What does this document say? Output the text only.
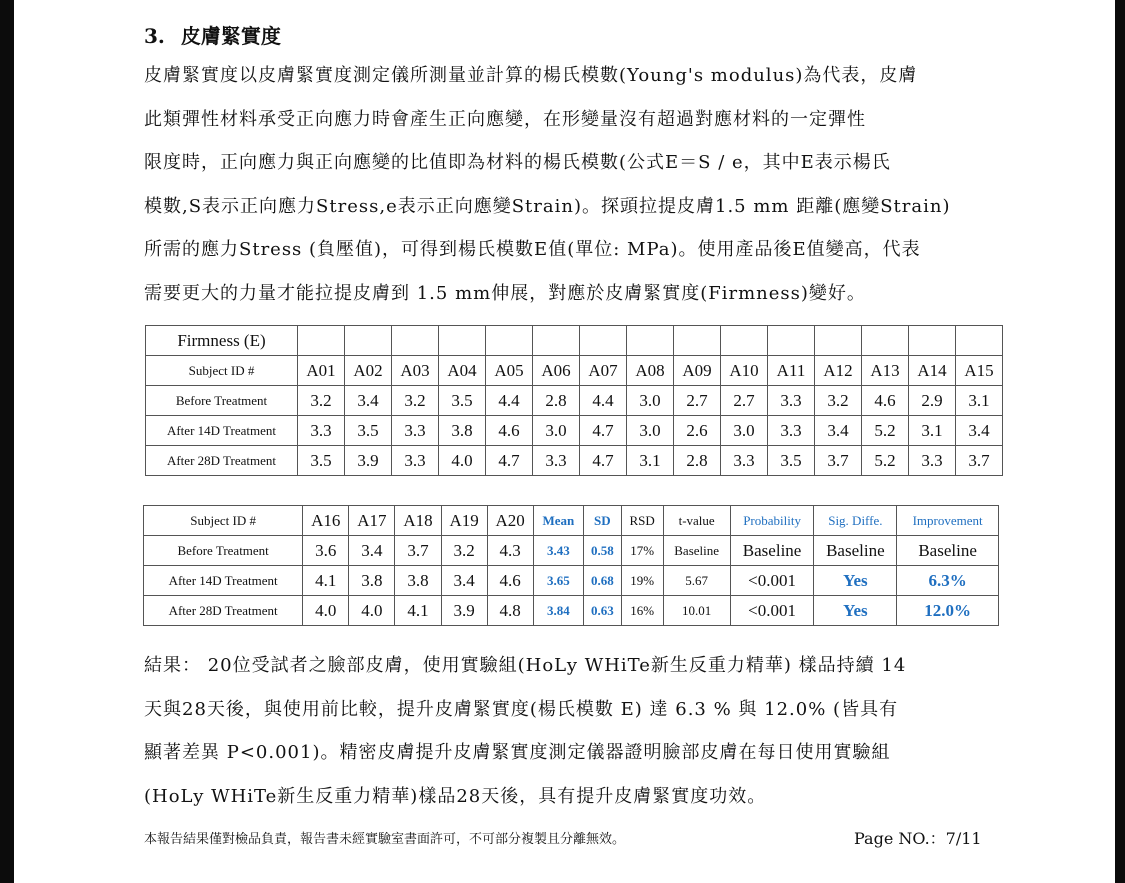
3. 皮膚緊實度
皮膚緊實度以皮膚緊實度測定儀所測量並計算的楊氏模數(Young's modulus)為代表，皮膚
此類彈性材料承受正向應力時會產生正向應變，在形變量沒有超過對應材料的一定彈性
限度時，正向應力與正向應變的比值即為材料的楊氏模數(公式E＝S / e，其中E表示楊氏
模數,S表示正向應力Stress,e表示正向應變Strain)。探頭拉提皮膚1.5 mm 距離(應變Strain)
所需的應力Stress (負壓值)，可得到楊氏模數E值(單位: MPa)。使用產品後E值變高，代表
需要更大的力量才能拉提皮膚到 1.5 mm伸展，對應於皮膚緊實度(Firmness)變好。
Firmness (E)															
Subject ID #	A01	A02	A03	A04	A05	A06	A07	A08	A09	A10	A11	A12	A13	A14	A15
Before Treatment	3.2	3.4	3.2	3.5	4.4	2.8	4.4	3.0	2.7	2.7	3.3	3.2	4.6	2.9	3.1
After 14D Treatment	3.3	3.5	3.3	3.8	4.6	3.0	4.7	3.0	2.6	3.0	3.3	3.4	5.2	3.1	3.4
After 28D Treatment	3.5	3.9	3.3	4.0	4.7	3.3	4.7	3.1	2.8	3.3	3.5	3.7	5.2	3.3	3.7
Subject ID #	A16	A17	A18	A19	A20	Mean	SD	RSD	t-value	Probability	Sig. Diffe.	Improvement
Before Treatment	3.6	3.4	3.7	3.2	4.3	3.43	0.58	17%	Baseline	Baseline	Baseline	Baseline
After 14D Treatment	4.1	3.8	3.8	3.4	4.6	3.65	0.68	19%	5.67	<0.001	Yes	6.3%
After 28D Treatment	4.0	4.0	4.1	3.9	4.8	3.84	0.63	16%	10.01	<0.001	Yes	12.0%
結果： 20位受試者之臉部皮膚，使用實驗組(HoLy WHiTe新生反重力精華) 樣品持續 14
天與28天後，與使用前比較，提升皮膚緊實度(楊氏模數 E) 達 6.3 % 與 12.0% (皆具有
顯著差異 P<0.001)。精密皮膚提升皮膚緊實度測定儀器證明臉部皮膚在每日使用實驗組
(HoLy WHiTe新生反重力精華)樣品28天後，具有提升皮膚緊實度功效。
本報告結果僅對檢品負責，報告書未經實驗室書面許可，不可部分複製且分離無效。	Page NO.：7/11
